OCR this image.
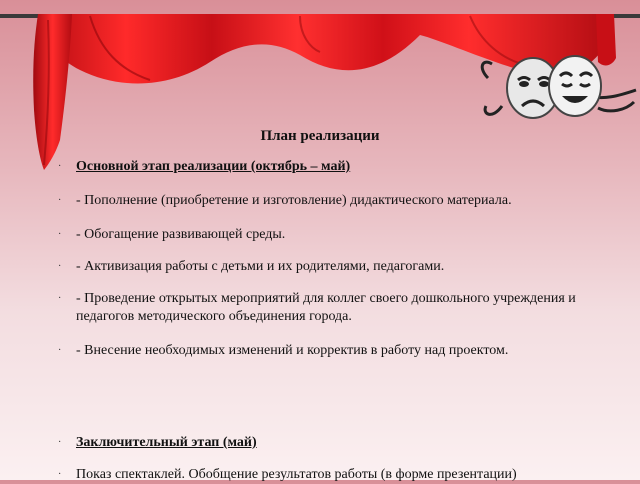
План реализации
· Основной этап реализации (октябрь – май)
· - Пополнение (приобретение и изготовление) дидактического материала.
· - Обогащение развивающей среды.
· - Активизация работы с детьми и их родителями, педагогами.
· - Проведение открытых мероприятий для коллег своего дошкольного учреждения и педагогов методического объединения города.
· - Внесение необходимых изменений и корректив в работу над проектом.
· Заключительный этап (май)
· Показ спектаклей. Обобщение результатов работы (в форме презентации)
